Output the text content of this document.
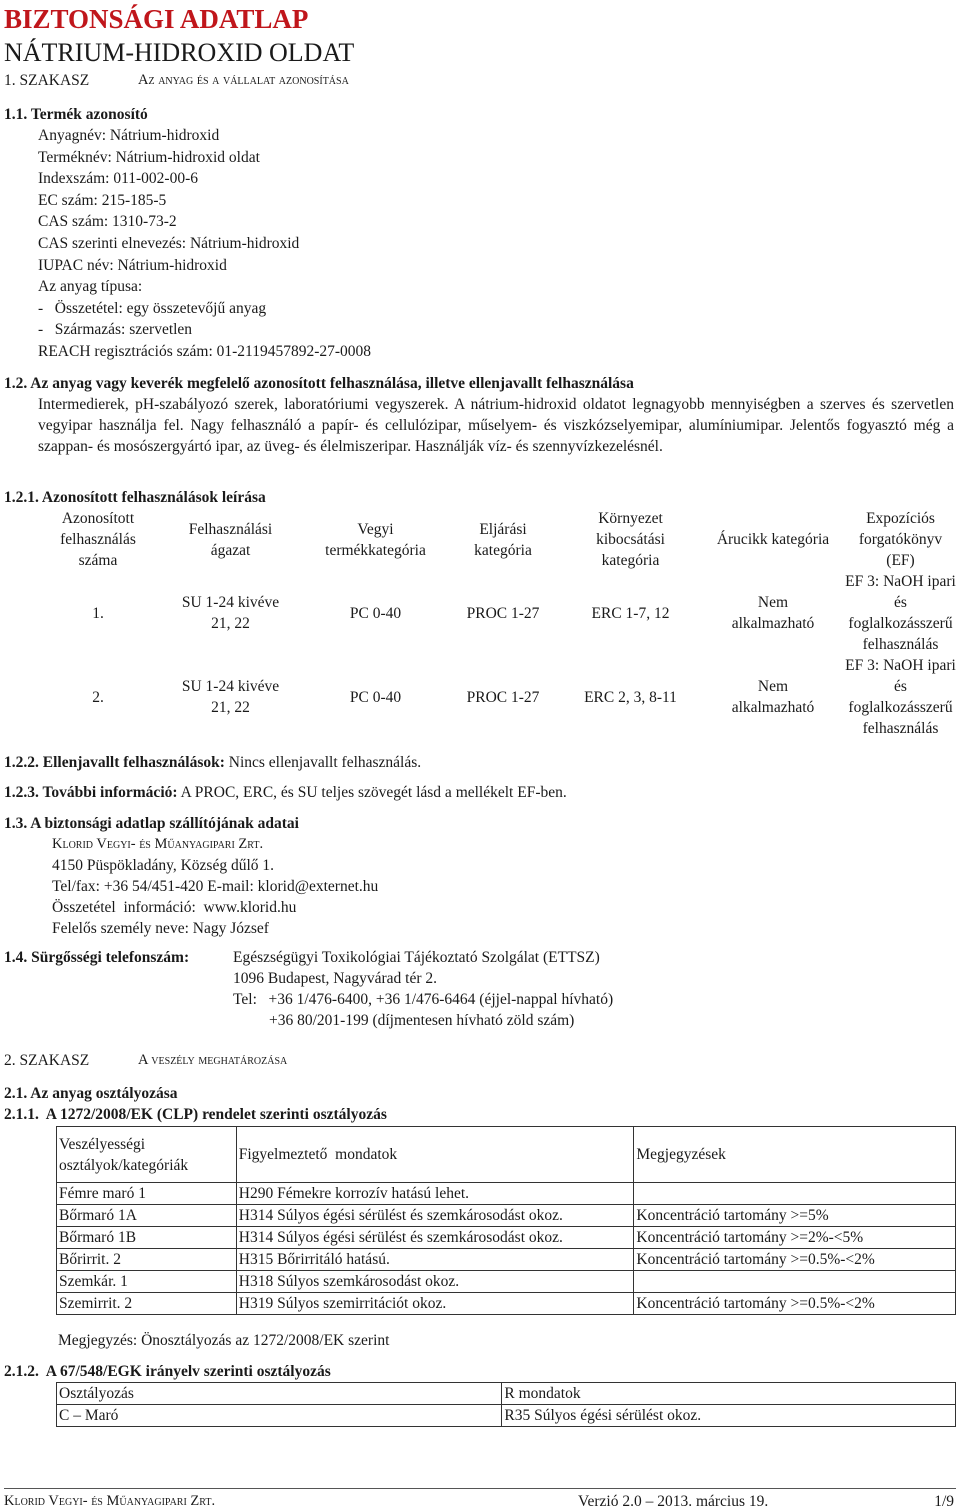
BIZTONSÁGI ADATLAP
NÁTRIUM-HIDROXID OLDAT
1. SZAKASZ	Az anyag és a vállalat azonosítása
1.1. Termék azonosító
Anyagnév: Nátrium-hidroxid
Terméknév: Nátrium-hidroxid oldat
Indexszám: 011-002-00-6
EC szám: 215-185-5
CAS szám: 1310-73-2
CAS szerinti elnevezés: Nátrium-hidroxid
IUPAC név: Nátrium-hidroxid
Az anyag típusa:
-   Összetétel: egy összetevőjű anyag
-   Származás: szervetlen
REACH regisztrációs szám: 01-2119457892-27-0008
1.2. Az anyag vagy keverék megfelelő azonosított felhasználása, illetve ellenjavallt felhasználása
Intermedierek, pH-szabályozó szerek, laboratóriumi vegyszerek. A nátrium-hidroxid oldatot legnagyobb mennyiségben a szerves és szervetlen vegyipar használja fel. Nagy felhasználó a papír- és cellulózipar, műselyem- és viszkózselyemipar, alumíniumipar. Jelentős fogyasztó még a szappan- és mosószergyártó ipar, az üveg- és élelmiszeripar. Használják víz- és szennyvízkezelésnél.
1.2.1. Azonosított felhasználások leírása
Azonosított felhasználás száma	Felhasználási ágazat	Vegyi termékkategória	Eljárási kategória	Környezet kibocsátási kategória	Árucikk kategória	Expozíciós forgatókönyv (EF)
1.	SU 1-24 kivéve 21, 22	PC 0-40	PROC 1-27	ERC 1-7, 12	Nem alkalmazható	EF 3: NaOH ipari és foglalkozásszerű felhasználás
2.	SU 1-24 kivéve 21, 22	PC 0-40	PROC 1-27	ERC 2, 3, 8-11	Nem alkalmazható	EF 3: NaOH ipari és foglalkozásszerű felhasználás
1.2.2. Ellenjavallt felhasználások: Nincs ellenjavallt felhasználás.
1.2.3. További információ: A PROC, ERC, és SU teljes szövegét lásd a mellékelt EF-ben.
1.3. A biztonsági adatlap szállítójának adatai
Klorid Vegyi- és Műanyagipari Zrt.
4150 Püspökladány, Község dűlő 1.
Tel/fax: +36 54/451-420 E-mail: klorid@externet.hu
Összetétel  információ:  www.klorid.hu
Felelős személy neve: Nagy József
1.4. Sürgősségi telefonszám:	Egészségügyi Toxikológiai Tájékoztató Szolgálat (ETTSZ)
1096 Budapest, Nagyvárad tér 2.
Tel:   +36 1/476-6400, +36 1/476-6464 (éjjel-nappal hívható)
+36 80/201-199 (díjmentesen hívható zöld szám)
2. SZAKASZ	A veszély meghatározása
2.1. Az anyag osztályozása
2.1.1.  A 1272/2008/EK (CLP) rendelet szerinti osztályozás
Veszélyességi osztályok/kategóriák	Figyelmeztető  mondatok	Megjegyzések
Fémre maró 1	H290 Fémekre korrozív hatású lehet.	
Bőrmaró 1A	H314 Súlyos égési sérülést és szemkárosodást okoz.	Koncentráció tartomány >=5%
Bőrmaró 1B	H314 Súlyos égési sérülést és szemkárosodást okoz.	Koncentráció tartomány >=2%-<5%
Bőrirrit. 2	H315 Bőrirritáló hatású.	Koncentráció tartomány >=0.5%-<2%
Szemkár. 1	H318 Súlyos szemkárosodást okoz.	
Szemirrit. 2	H319 Súlyos szemirritációt okoz.	Koncentráció tartomány >=0.5%-<2%
Megjegyzés: Önosztályozás az 1272/2008/EK szerint
2.1.2.  A 67/548/EGK irányelv szerinti osztályozás
Osztályozás	R mondatok
C – Maró	R35 Súlyos égési sérülést okoz.
Klorid Vegyi- és Műanyagipari Zrt.	Verzió 2.0 – 2013. március 19.	1/9
